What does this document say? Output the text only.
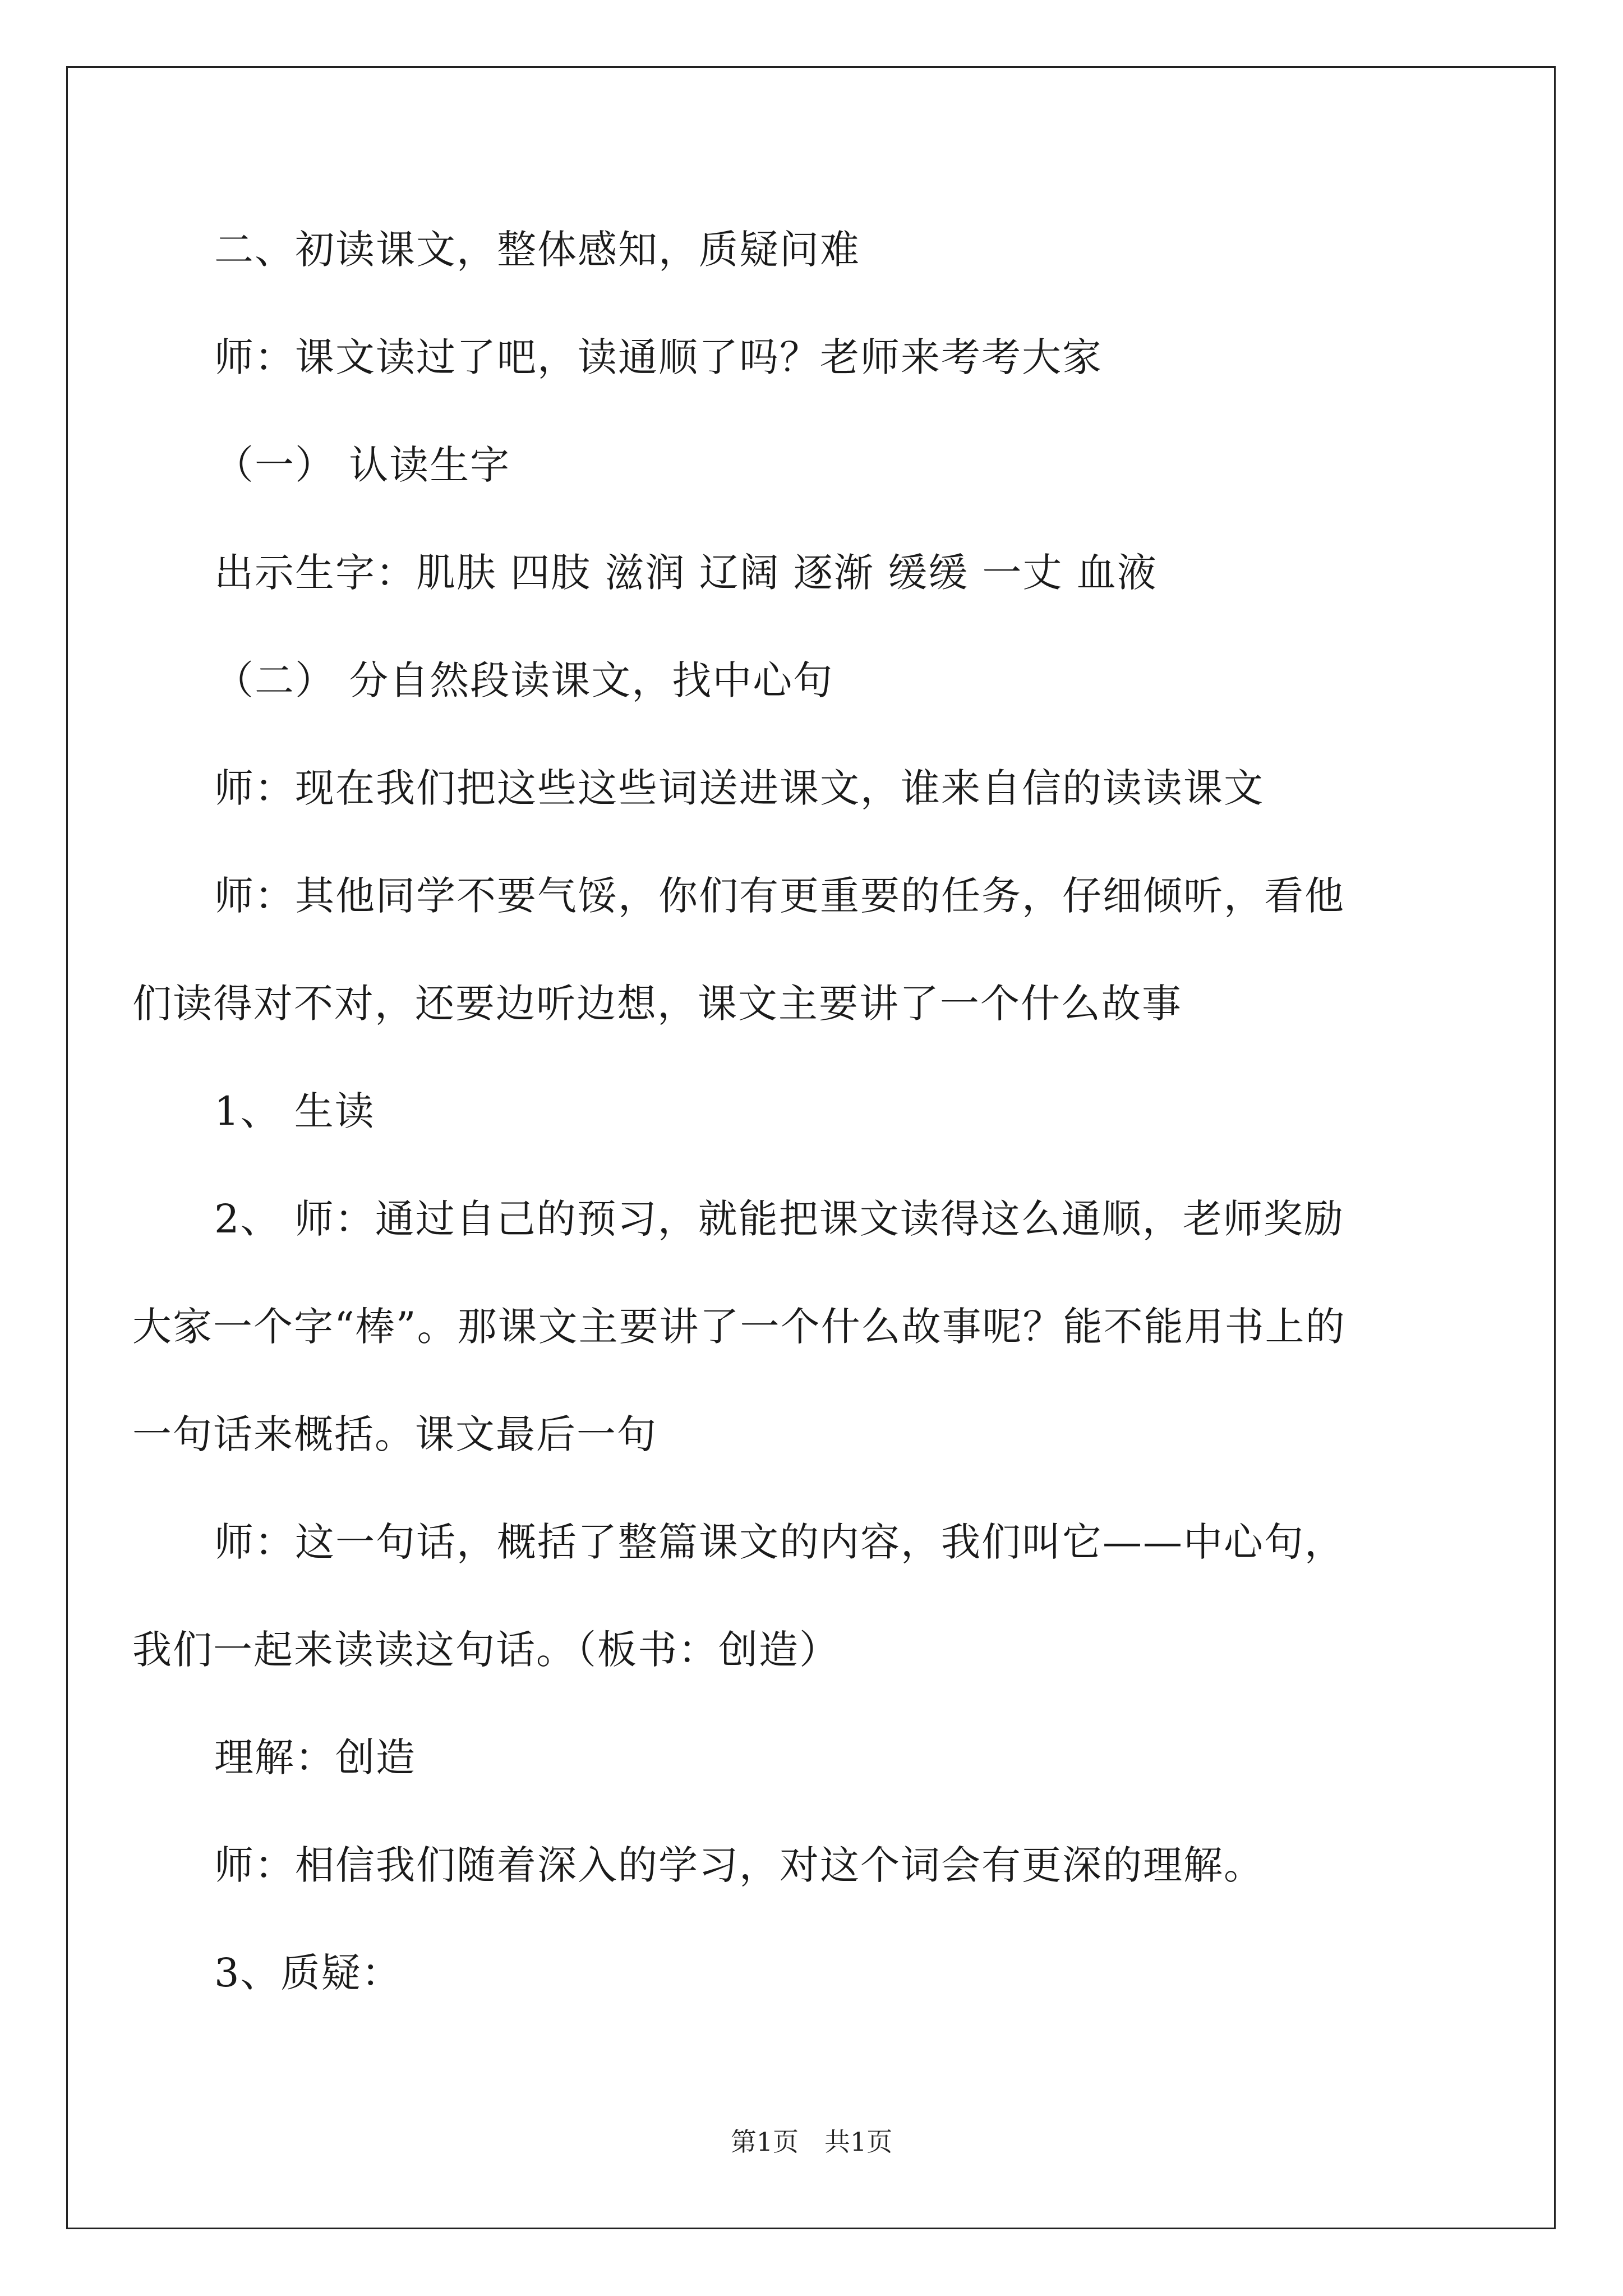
二、初读课文，整体感知，质疑问难
师：课文读过了吧，读通顺了吗？老师来考考大家
（一） 认读生字
出示生字：肌肤 四肢 滋润 辽阔 逐渐 缓缓 一丈 血液
（二） 分自然段读课文，找中心句
师：现在我们把这些这些词送进课文，谁来自信的读读课文
师：其他同学不要气馁，你们有更重要的任务，仔细倾听，看他
们读得对不对，还要边听边想，课文主要讲了一个什么故事
1、 生读
2、 师：通过自己的预习，就能把课文读得这么通顺，老师奖励
大家一个字“棒”。那课文主要讲了一个什么故事呢？能不能用书上的
一句话来概括。课文最后一句
师：这一句话，概括了整篇课文的内容，我们叫它——中心句，
我们一起来读读这句话。（板书：创造）
理解：创造
师：相信我们随着深入的学习，对这个词会有更深的理解。
3、质疑：
第1页　共1页
